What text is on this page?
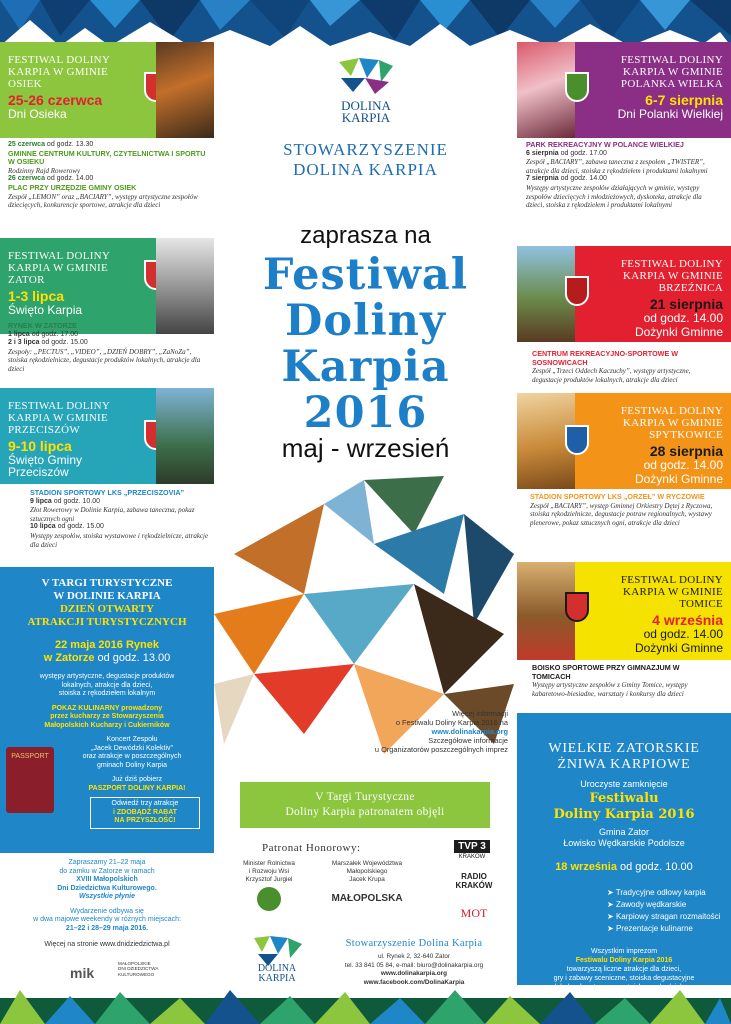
FESTIWAL DOLINY KARPIA W GMINIE OSIEK
25-26 czerwca
Dni Osieka
25 czerwca od godz. 13.30
GMINNE CENTRUM KULTURY, CZYTELNICTWA I SPORTU W OSIEKU
Rodzinny Rajd Rowerowy
26 czerwca od godz. 14.00
PLAC PRZY URZĘDZIE GMINY OSIEK
Zespół „LEMON” oraz „BACIARY”, występy artystyczne zespołów dziecięcych, konkurencje sportowe, atrakcje dla dzieci
FESTIWAL DOLINY KARPIA W GMINIE ZATOR
1-3 lipca
Święto Karpia
RYNEK W ZATORZE
1 lipca od godz. 17.00
2 i 3 lipca od godz. 15.00
Zespoły: „PECTUS”, „VIDEO”, „DZIEŃ DOBRY”, „ZaNoZa”, stoiska rękodzielnicze, degustacje produktów lokalnych, atrakcje dla dzieci
FESTIWAL DOLINY KARPIA W GMINIE PRZECISZÓW
9-10 lipca
Święto Gminy Przeciszów
STADION SPORTOWY LKS „PRZECISZOVIA”
9 lipca od godz. 10.00
Złot Rowerowy w Dolinie Karpia, zabawa taneczna, pokaz sztucznych ogni
10 lipca od godz. 15.00
Występy zespołów, stoiska wystawowe i rękodzielnicze, atrakcje dla dzieci
V TARGI TURYSTYCZNE
W DOLINIE KARPIA
DZIEŃ OTWARTY
ATRAKCJI TURYSTYCZNYCH
22 maja 2016 Rynek
w Zatorze od godz. 13.00
występy artystyczne, degustacje produktów
lokalnych, atrakcje dla dzieci,
stoiska z rękodziełem lokalnym
POKAZ KULINARNY prowadzony
przez kucharzy ze Stowarzyszenia
Małopolskich Kucharzy i Cukierników
Koncert Zespołu
„Jacek Dewódzki Kolektiv”
oraz atrakcje w poszczególnych
gminach Doliny Karpia
Już dziś pobierz
PASZPORT DOLINY KARPIA!
Odwiedź trzy atrakcje
i ZDOBĄDŹ RABAT
NA PRZYSZŁOŚĆ!
PASSPORT
Zapraszamy 21–22 maja
do zamku w Zatorze w ramach
XVIII Małopolskich
Dni Dziedzictwa Kulturowego.
Wszystkie płynie
Wydarzenie odbywa się
w dwa majowe weekendy w różnych miejscach:
21–22 i 28–29 maja 2016.
Więcej na stronie www.dnidziedzictwa.pl
mik
MAŁOPOLSKIE
DNI DZIEDZICTWA
KULTUROWEGO
DOLINA
KARPIA
STOWARZYSZENIE
DOLINA KARPIA
zaprasza na
Festiwal
Doliny
Karpia
2016
maj - wrzesień
Więcej informacji
o Festiwalu Doliny Karpia 2016 na
www.dolinakarpia.org
Szczegółowe informacje
u Organizatorów poszczególnych imprez
V Targi Turystyczne
Doliny Karpia patronatem objęli
Patronat Honorowy:
Minister Rolnictwa
i Rozwoju Wsi
Krzysztof Jurgiel
Marszałek Województwa
Małopolskiego
Jacek Krupa
MAŁOPOLSKA
TVP 3
KRAKÓW
RADIO
KRAKÓW
MOT
DOLINA
KARPIA
Stowarzyszenie Dolina Karpia
ul. Rynek 2, 32-640 Zator
tel. 33 841 05 84, e-mail: biuro@dolinakarpia.org
www.dolinakarpia.org
www.facebook.com/DolinaKarpia
FESTIWAL DOLINY KARPIA W GMINIE POLANKA WIELKA
6-7 sierpnia
Dni Polanki Wielkiej
PARK REKREACYJNY W POLANCE WIELKIEJ
6 sierpnia od godz. 17.00
Zespół „BACIARY”, zabawa taneczna z zespołem „TWISTER”, atrakcje dla dzieci, stoiska z rękodziełem i produktami lokalnymi
7 sierpnia od godz. 14.00
Występy artystyczne zespołów działających w gminie, występy zespołów dziecięcych i młodzieżowych, dyskoteka, atrakcje dla dzieci, stoiska z rękodziełem i produktami lokalnymi
FESTIWAL DOLINY KARPIA W GMINIE BRZEŹNICA
21 sierpnia
od godz. 14.00
Dożynki Gminne
CENTRUM REKREACYJNO-SPORTOWE W SOSNOWICACH
Zespół „Trzeci Oddech Kaczuchy”, występy artystyczne, degustacje produktów lokalnych, atrakcje dla dzieci
FESTIWAL DOLINY KARPIA W GMINIE SPYTKOWICE
28 sierpnia
od godz. 14.00
Dożynki Gminne
STADION SPORTOWY LKS „ORZEŁ” W RYCZOWIE
Zespół „BACIARY”, występ Gminnej Orkiestry Dętej z Ryczowa, stoiska rękodzielnicze, degustacje potraw regionalnych, wystawy plenerowe, pokaz sztucznych ogni, atrakcje dla dzieci
FESTIWAL DOLINY KARPIA W GMINIE TOMICE
4 września
od godz. 14.00
Dożynki Gminne
BOISKO SPORTOWE PRZY GIMNAZJUM W TOMICACH
Występy artystyczne zespołów z Gminy Tomice, występy kabaretowo-biesiadne, warsztaty i konkursy dla dzieci
WIELKIE ZATORSKIE
ŻNIWA KARPIOWE
Uroczyste zamknięcie
Festiwalu
Doliny Karpia 2016
Gmina Zator
Łowisko Wędkarskie Podolsze
18 września od godz. 10.00
➤ Tradycyjne odłowy karpia
➤ Zawody wędkarskie
➤ Karpiowy stragan rozmaitości
➤ Prezentacje kulinarne
Wszystkim imprezom
Festiwalu Doliny Karpia 2016
towarzyszą liczne atrakcje dla dzieci,
gry i zabawy sceniczne, stoiska degustacyjne
lokalnych potraw oraz stoiska z rękodziełem.
